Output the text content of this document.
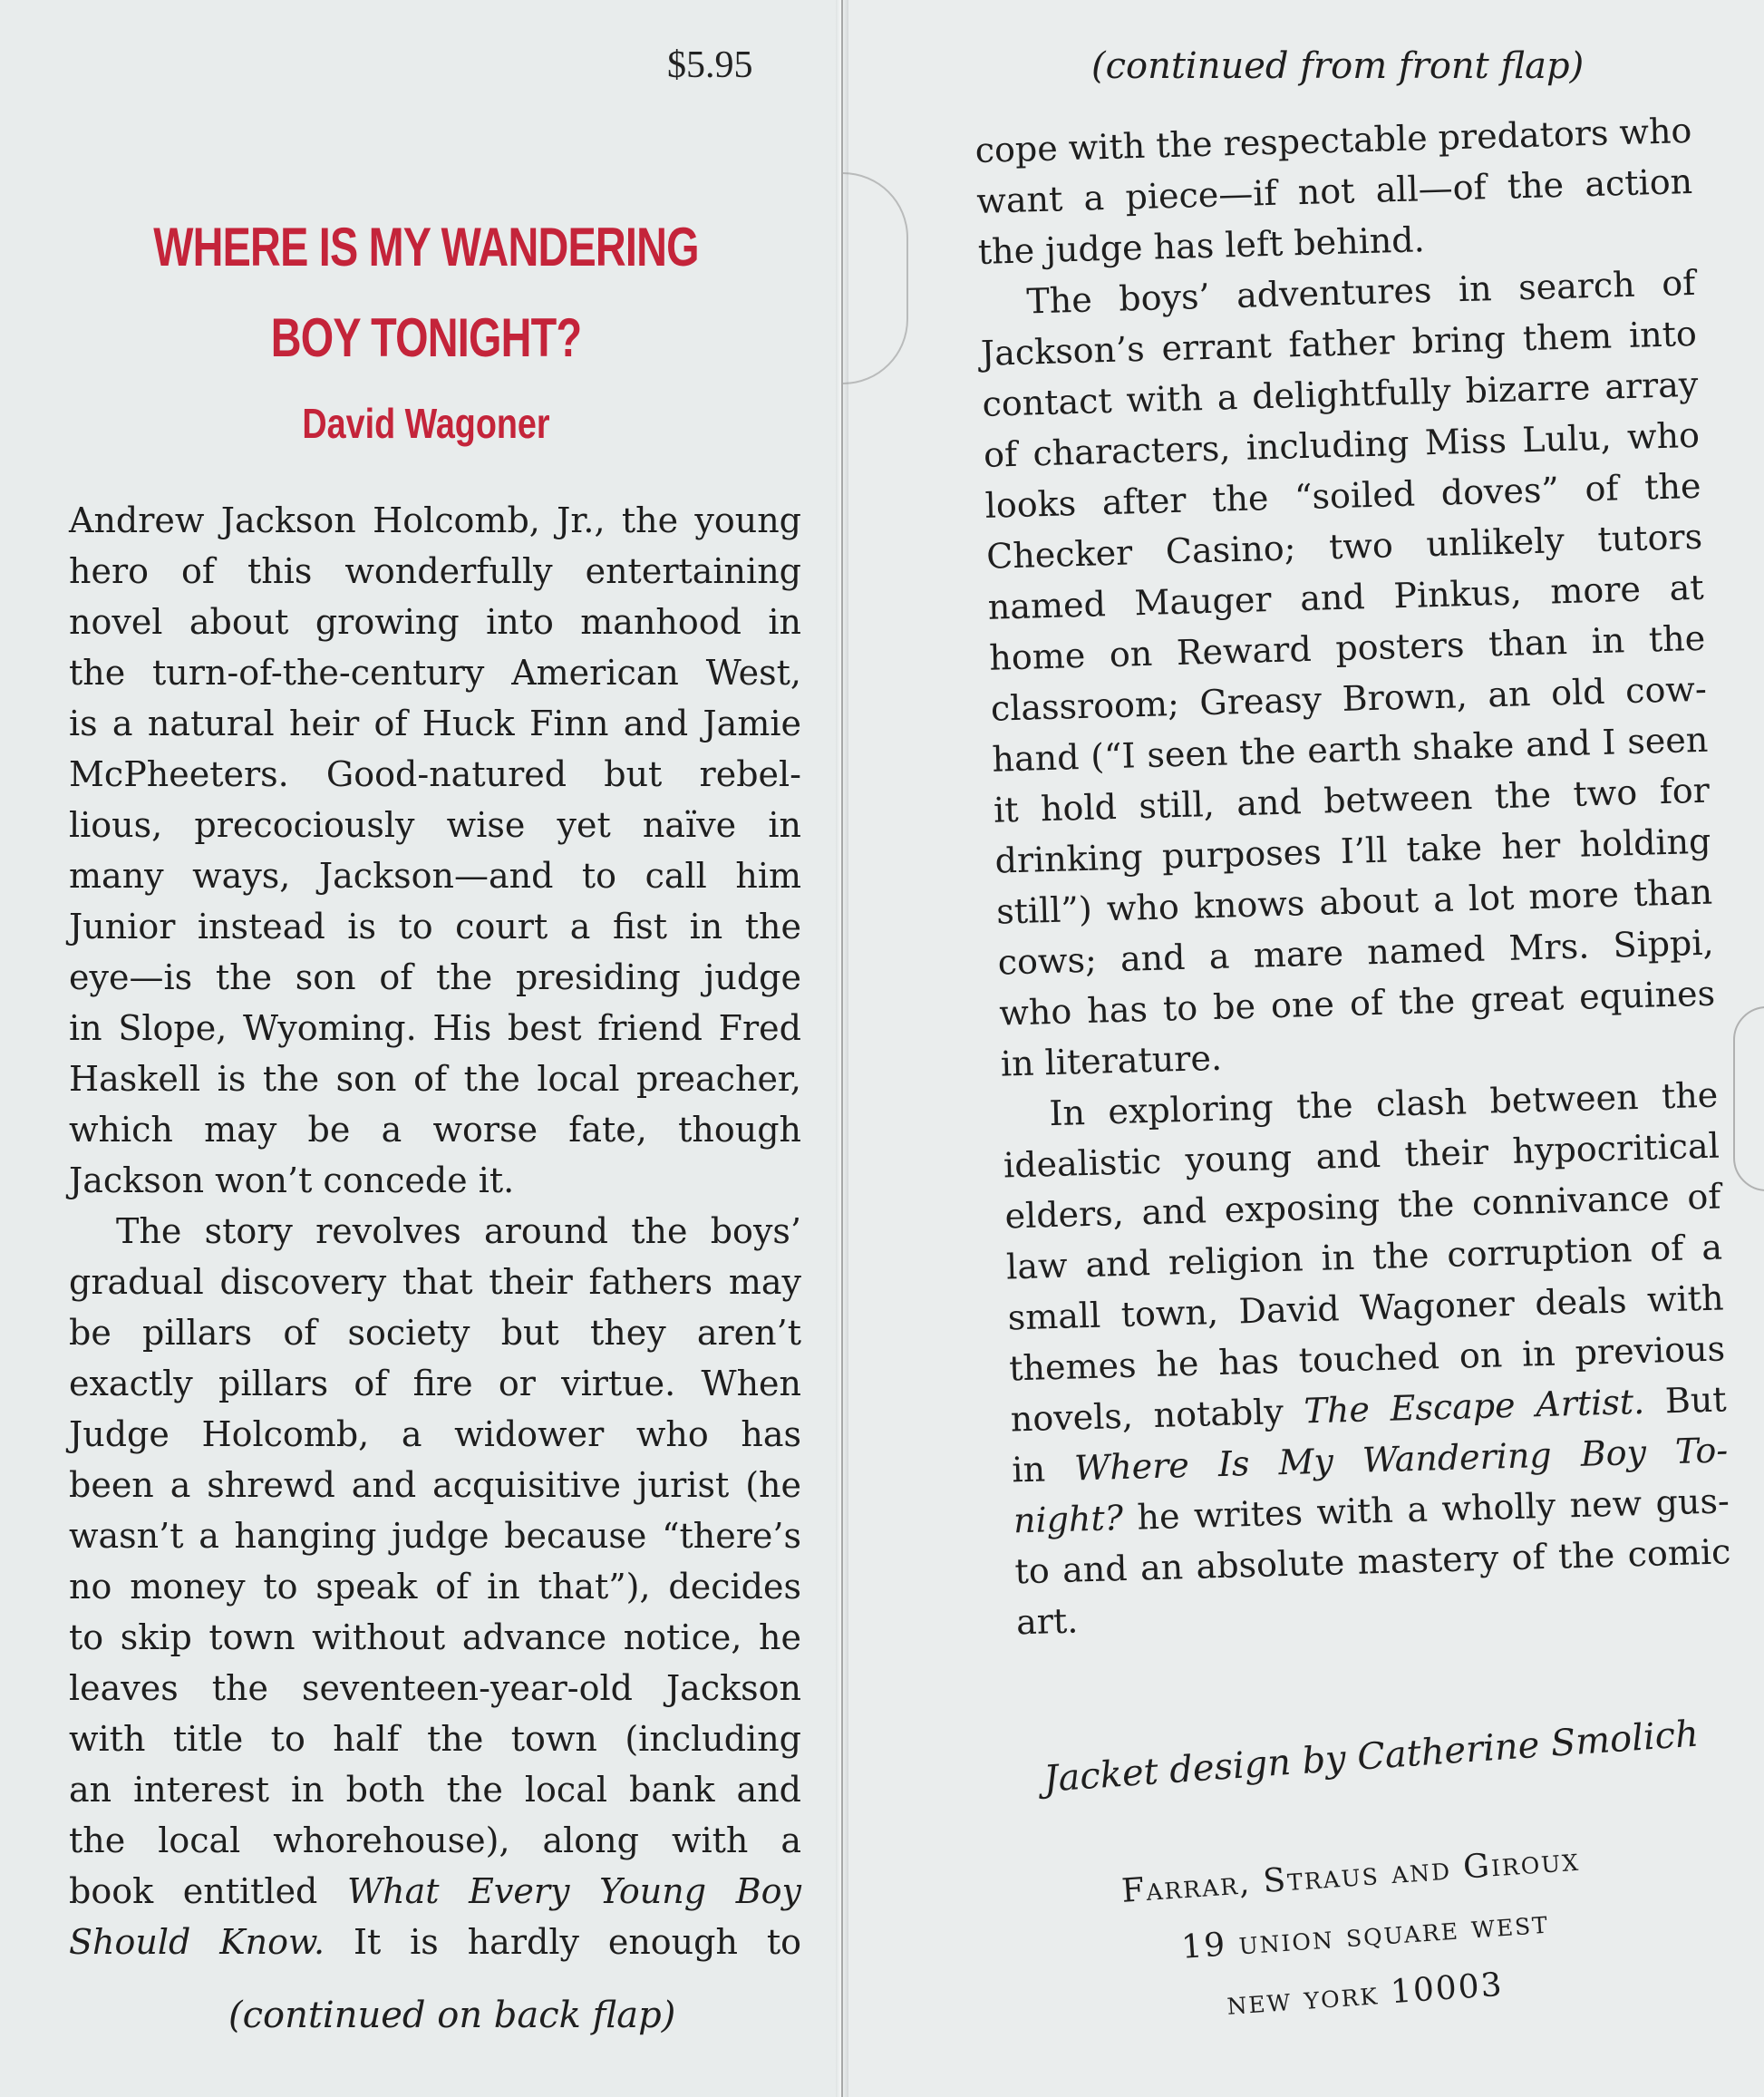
$5.95
WHERE IS MY WANDERING
BOY TONIGHT?
David Wagoner
Andrew Jackson Holcomb, Jr., the young
hero of this wonderfully entertaining
novel about growing into manhood in
the turn-of-the-century American West,
is a natural heir of Huck Finn and Jamie
McPheeters. Good-natured but rebel-
lious, precociously wise yet naïve in
many ways, Jackson—and to call him
Junior instead is to court a fist in the
eye—is the son of the presiding judge
in Slope, Wyoming. His best friend Fred
Haskell is the son of the local preacher,
which may be a worse fate, though
Jackson won’t concede it.
The story revolves around the boys’
gradual discovery that their fathers may
be pillars of society but they aren’t
exactly pillars of fire or virtue. When
Judge Holcomb, a widower who has
been a shrewd and acquisitive jurist (he
wasn’t a hanging judge because “there’s
no money to speak of in that”), decides
to skip town without advance notice, he
leaves the seventeen-year-old Jackson
with title to half the town (including
an interest in both the local bank and
the local whorehouse), along with a
book entitled What Every Young Boy
Should Know. It is hardly enough to
(continued on back flap)
(continued from front flap)
cope with the respectable predators who
want a piece—if not all—of the action
the judge has left behind.
The boys’ adventures in search of
Jackson’s errant father bring them into
contact with a delightfully bizarre array
of characters, including Miss Lulu, who
looks after the “soiled doves” of the
Checker Casino; two unlikely tutors
named Mauger and Pinkus, more at
home on Reward posters than in the
classroom; Greasy Brown, an old cow-
hand (“I seen the earth shake and I seen
it hold still, and between the two for
drinking purposes I’ll take her holding
still”) who knows about a lot more than
cows; and a mare named Mrs. Sippi,
who has to be one of the great equines
in literature.
In exploring the clash between the
idealistic young and their hypocritical
elders, and exposing the connivance of
law and religion in the corruption of a
small town, David Wagoner deals with
themes he has touched on in previous
novels, notably The Escape Artist. But
in Where Is My Wandering Boy To-
night? he writes with a wholly new gus-
to and an absolute mastery of the comic
art.
Jacket design by Catherine Smolich
Farrar, Straus and Giroux
19 union square west
new york 10003
